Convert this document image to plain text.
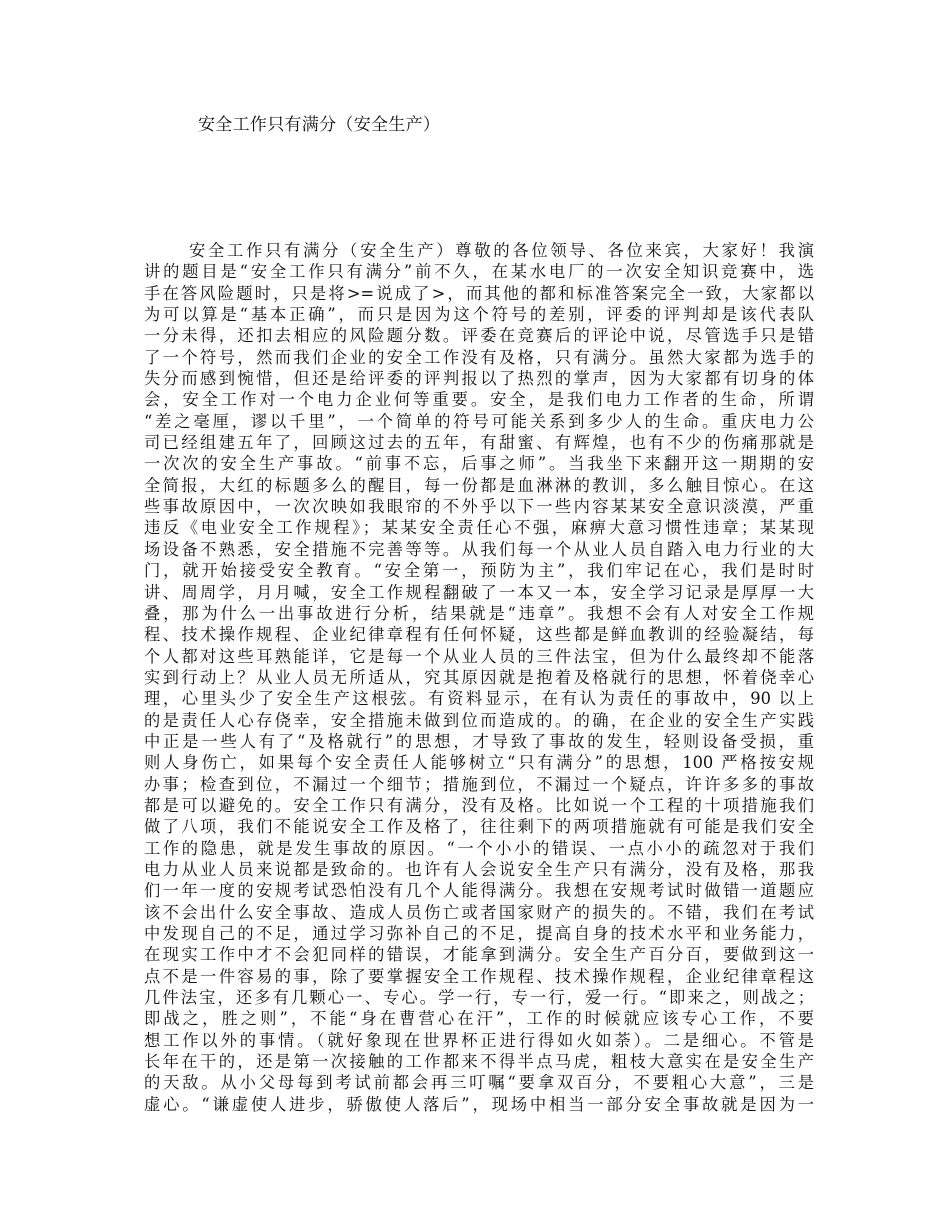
安全工作只有满分（安全生产）
安全工作只有满分（安全生产）尊敬的各位领导、各位来宾，大家好！我演
讲的题目是“安全工作只有满分”前不久，在某水电厂的一次安全知识竞赛中，选
手在答风险题时，只是将>=说成了>，而其他的都和标准答案完全一致，大家都以
为可以算是“基本正确”，而只是因为这个符号的差别，评委的评判却是该代表队
一分未得，还扣去相应的风险题分数。评委在竞赛后的评论中说，尽管选手只是错
了一个符号，然而我们企业的安全工作没有及格，只有满分。虽然大家都为选手的
失分而感到惋惜，但还是给评委的评判报以了热烈的掌声，因为大家都有切身的体
会，安全工作对一个电力企业何等重要。安全，是我们电力工作者的生命，所谓
“差之毫厘，谬以千里”，一个简单的符号可能关系到多少人的生命。重庆电力公
司已经组建五年了，回顾这过去的五年，有甜蜜、有辉煌，也有不少的伤痛那就是
一次次的安全生产事故。“前事不忘，后事之师”。当我坐下来翻开这一期期的安
全简报，大红的标题多么的醒目，每一份都是血淋淋的教训，多么触目惊心。在这
些事故原因中，一次次映如我眼帘的不外乎以下一些内容某某安全意识淡漠，严重
违反《电业安全工作规程》；某某安全责任心不强，麻痹大意习惯性违章；某某现
场设备不熟悉，安全措施不完善等等。从我们每一个从业人员自踏入电力行业的大
门，就开始接受安全教育。“安全第一，预防为主”，我们牢记在心，我们是时时
讲、周周学，月月喊，安全工作规程翻破了一本又一本，安全学习记录是厚厚一大
叠，那为什么一出事故进行分析，结果就是“违章”。我想不会有人对安全工作规
程、技术操作规程、企业纪律章程有任何怀疑，这些都是鲜血教训的经验凝结，每
个人都对这些耳熟能详，它是每一个从业人员的三件法宝，但为什么最终却不能落
实到行动上？从业人员无所适从，究其原因就是抱着及格就行的思想，怀着侥幸心
理，心里头少了安全生产这根弦。有资料显示，在有认为责任的事故中，90 以上
的是责任人心存侥幸，安全措施未做到位而造成的。的确，在企业的安全生产实践
中正是一些人有了“及格就行”的思想，才导致了事故的发生，轻则设备受损，重
则人身伤亡，如果每个安全责任人能够树立“只有满分”的思想，100 严格按安规
办事；检查到位，不漏过一个细节；措施到位，不漏过一个疑点，许许多多的事故
都是可以避免的。安全工作只有满分，没有及格。比如说一个工程的十项措施我们
做了八项，我们不能说安全工作及格了，往往剩下的两项措施就有可能是我们安全
工作的隐患，就是发生事故的原因。“一个小小的错误、一点小小的疏忽对于我们
电力从业人员来说都是致命的。也许有人会说安全生产只有满分，没有及格，那我
们一年一度的安规考试恐怕没有几个人能得满分。我想在安规考试时做错一道题应
该不会出什么安全事故、造成人员伤亡或者国家财产的损失的。不错，我们在考试
中发现自己的不足，通过学习弥补自己的不足，提高自身的技术水平和业务能力，
在现实工作中才不会犯同样的错误，才能拿到满分。安全生产百分百，要做到这一
点不是一件容易的事，除了要掌握安全工作规程、技术操作规程，企业纪律章程这
几件法宝，还多有几颗心一、专心。学一行，专一行，爱一行。“即来之，则战之；
即战之，胜之则”，不能“身在曹营心在汗”，工作的时候就应该专心工作，不要
想工作以外的事情。（就好象现在世界杯正进行得如火如荼）。二是细心。不管是
长年在干的，还是第一次接触的工作都来不得半点马虎，粗枝大意实在是安全生产
的天敌。从小父母每到考试前都会再三叮嘱“要拿双百分，不要粗心大意”，三是
虚心。“谦虚使人进步，骄傲使人落后”，现场中相当一部分安全事故就是因为一
